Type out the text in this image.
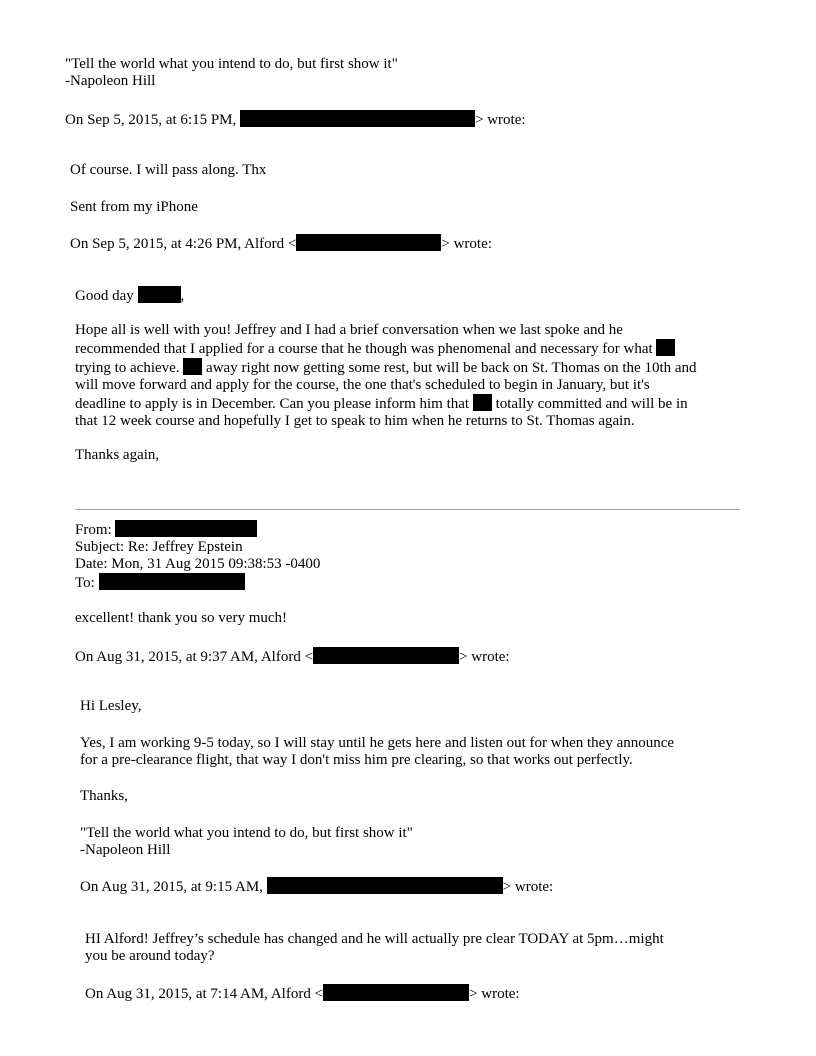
"Tell the world what you intend to do, but first show it"
-Napoleon Hill
On Sep 5, 2015, at 6:15 PM,	> wrote:
Of course. I will pass along. Thx
Sent from my iPhone
On Sep 5, 2015, at 4:26 PM, Alford <	> wrote:
Good day	,
Hope all is well with you! Jeffrey and I had a brief conversation when we last spoke and he
recommended that I applied for a course that he though was phenomenal and necessary for what
trying to achieve. away right now getting some rest, but will be back on St. Thomas on the 10th and
will move forward and apply for the course, the one that's scheduled to begin in January, but it's
deadline to apply is in December. Can you please inform him that totally committed and will be in
that 12 week course and hopefully I get to speak to him when he returns to St. Thomas again.
Thanks again,
From:
Subject: Re: Jeffrey Epstein
Date: Mon, 31 Aug 2015 09:38:53 -0400
To:
excellent! thank you so very much!
On Aug 31, 2015, at 9:37 AM, Alford <	> wrote:
Hi Lesley,
Yes, I am working 9-5 today, so I will stay until he gets here and listen out for when they announce
for a pre-clearance flight, that way I don't miss him pre clearing, so that works out perfectly.
Thanks,
"Tell the world what you intend to do, but first show it"
-Napoleon Hill
On Aug 31, 2015, at 9:15 AM,	> wrote:
HI Alford! Jeffrey’s schedule has changed and he will actually pre clear TODAY at 5pm…might
you be around today?
On Aug 31, 2015, at 7:14 AM, Alford <	> wrote:
